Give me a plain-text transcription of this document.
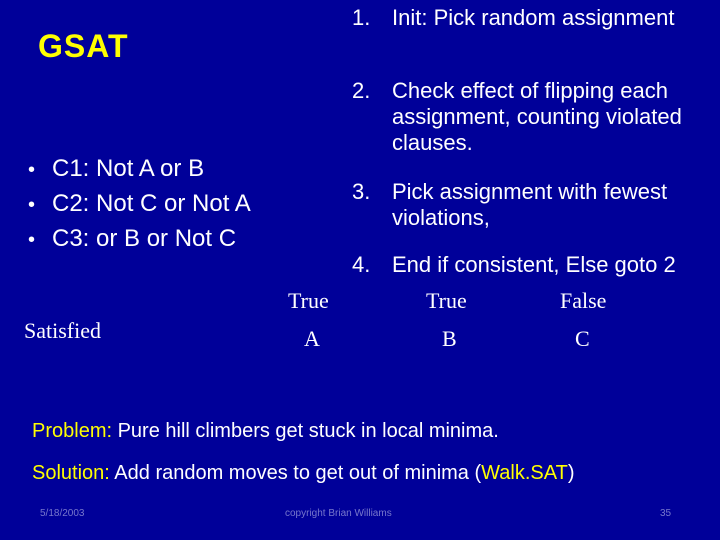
GSAT
• C1: Not A or B
• C2: Not C or Not A
• C3: or B or Not C
1. Init: Pick random assignment
2. Check effect of flipping each assignment, counting violated clauses.
3. Pick assignment with fewest violations,
4. End if consistent, Else goto 2
Satisfied
True
A
True
B
False
C
Problem: Pure hill climbers get stuck in local minima.
Solution: Add random moves to get out of minima (Walk.SAT)
5/18/2003	copyright Brian Williams	35
